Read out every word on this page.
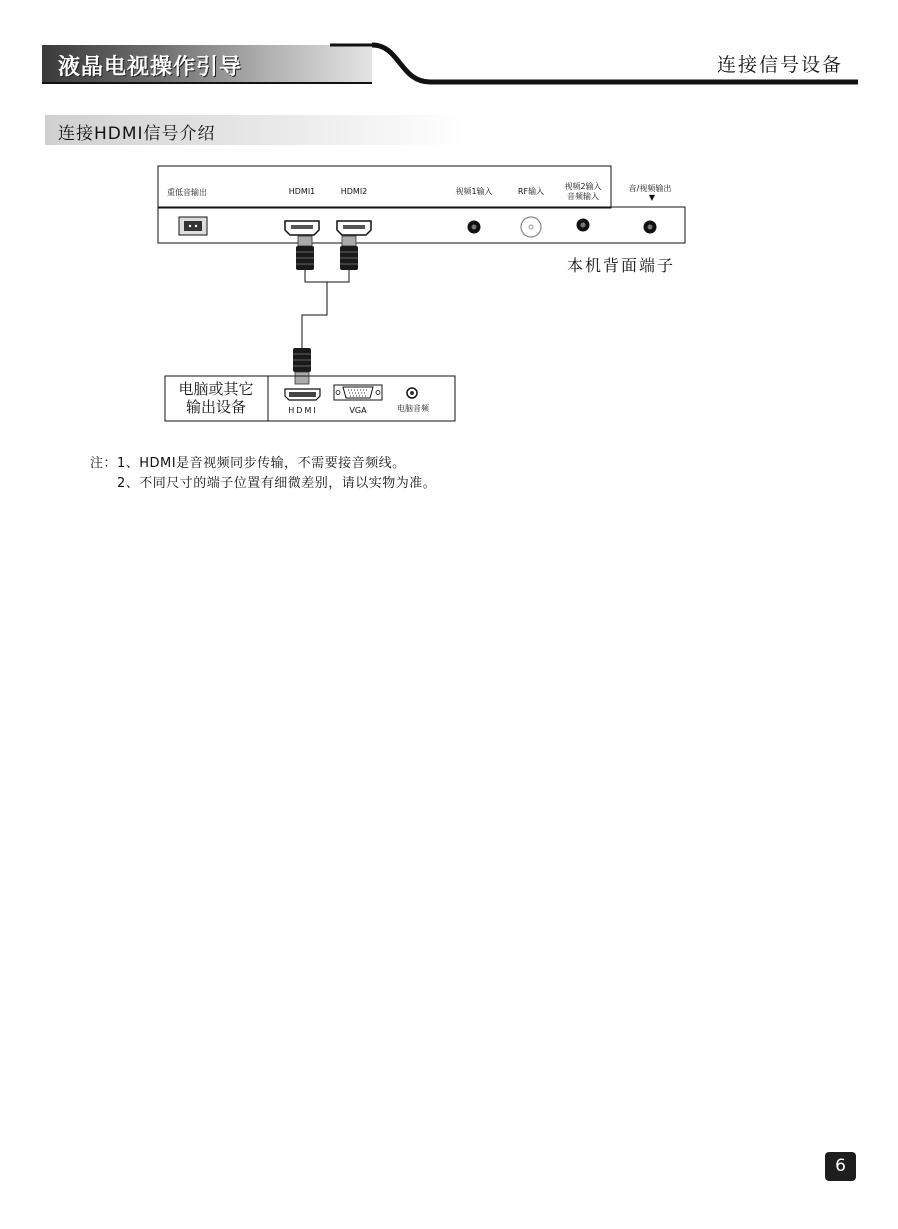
液晶电视操作引导	连接信号设备
连接HDMI信号介绍
重低音输出	HDMI1	HDMI2	视频1输入	RF输入
视频2输入
音频输入
音/视频输出
▼
本机背面端子
电脑或其它
输出设备	HDMI	VGA	电脑音频
注：1、HDMI是音视频同步传输，不需要接音频线。
2、不同尺寸的端子位置有细微差别，请以实物为准。
6
